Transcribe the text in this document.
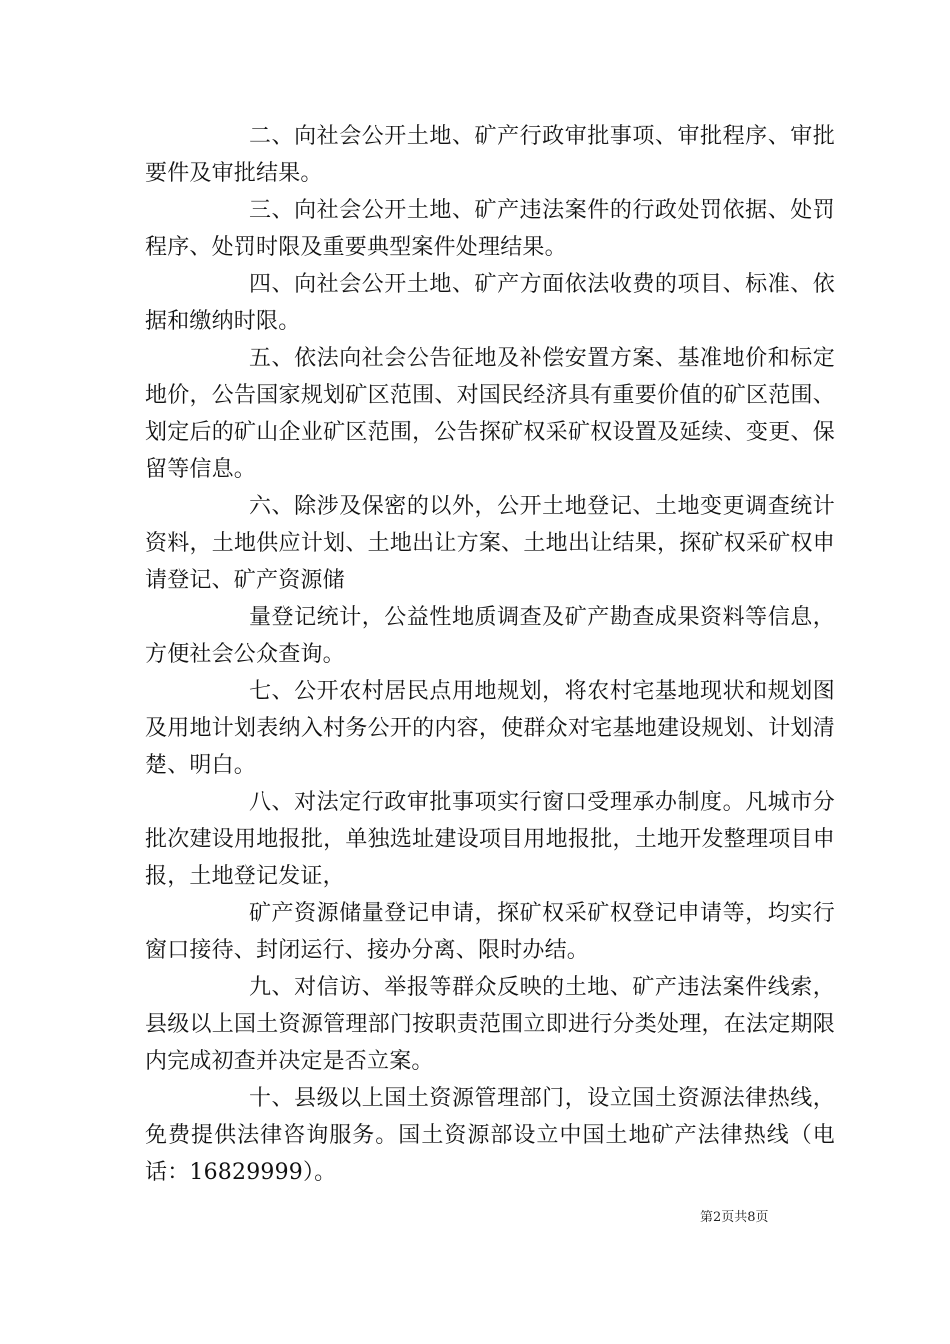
二、向社会公开土地、矿产行政审批事项、审批程序、审批要件及审批结果。

三、向社会公开土地、矿产违法案件的行政处罚依据、处罚程序、处罚时限及重要典型案件处理结果。

四、向社会公开土地、矿产方面依法收费的项目、标准、依据和缴纳时限。

五、依法向社会公告征地及补偿安置方案、基准地价和标定地价，公告国家规划矿区范围、对国民经济具有重要价值的矿区范围、划定后的矿山企业矿区范围，公告探矿权采矿权设置及延续、变更、保留等信息。

六、除涉及保密的以外，公开土地登记、土地变更调查统计资料，土地供应计划、土地出让方案、土地出让结果，探矿权采矿权申请登记、矿产资源储

量登记统计，公益性地质调查及矿产勘查成果资料等信息，方便社会公众查询。

七、公开农村居民点用地规划，将农村宅基地现状和规划图及用地计划表纳入村务公开的内容，使群众对宅基地建设规划、计划清楚、明白。

八、对法定行政审批事项实行窗口受理承办制度。凡城市分批次建设用地报批，单独选址建设项目用地报批，土地开发整理项目申报，土地登记发证，

矿产资源储量登记申请，探矿权采矿权登记申请等，均实行窗口接待、封闭运行、接办分离、限时办结。

九、对信访、举报等群众反映的土地、矿产违法案件线索，县级以上国土资源管理部门按职责范围立即进行分类处理，在法定期限内完成初查并决定是否立案。

十、县级以上国土资源管理部门，设立国土资源法律热线，免费提供法律咨询服务。国土资源部设立中国土地矿产法律热线（电话：16829999）。

第2页共8页
